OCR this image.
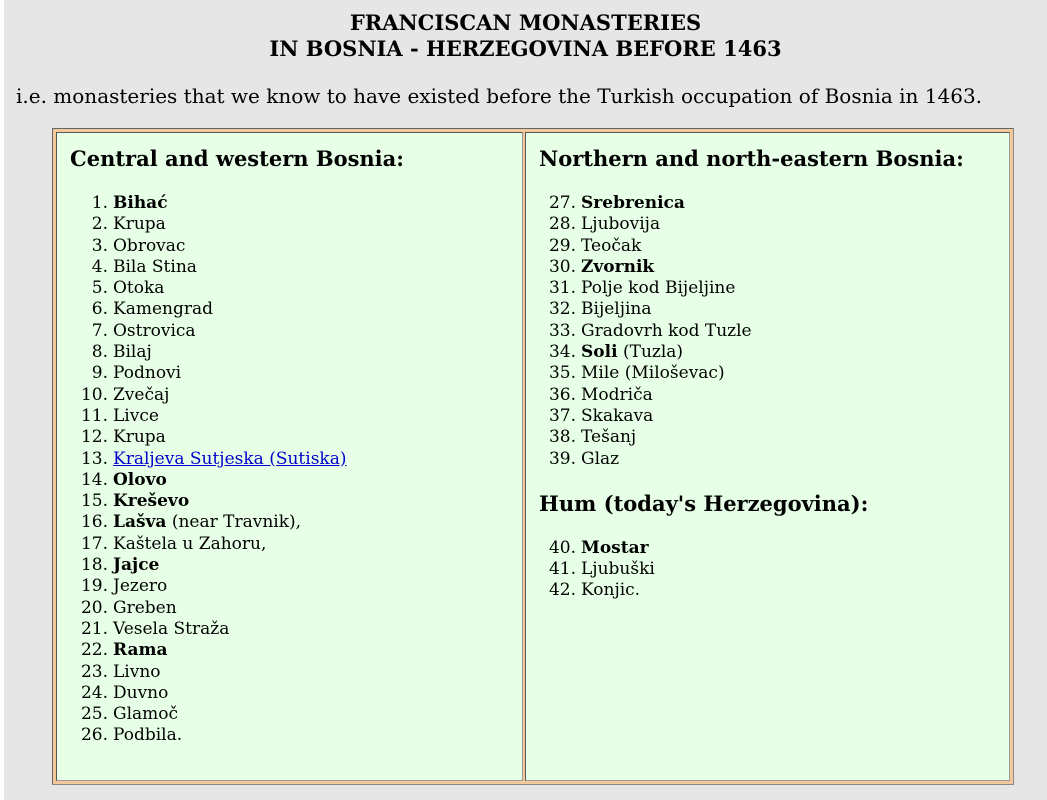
FRANCISCAN MONASTERIES
IN BOSNIA - HERZEGOVINA BEFORE 1463

i.e. monasteries that we know to have existed before the Turkish occupation of Bosnia in 1463.

Central and western Bosnia:
1. Bihać
2. Krupa
3. Obrovac
4. Bila Stina
5. Otoka
6. Kamengrad
7. Ostrovica
8. Bilaj
9. Podnovi
10. Zvečaj
11. Livce
12. Krupa
13. Kraljeva Sutjeska (Sutiska)
14. Olovo
15. Kreševo
16. Lašva (near Travnik),
17. Kaštela u Zahoru,
18. Jajce
19. Jezero
20. Greben
21. Vesela Straža
22. Rama
23. Livno
24. Duvno
25. Glamoč
26. Podbila.
Northern and north-eastern Bosnia:
27. Srebrenica
28. Ljubovija
29. Teočak
30. Zvornik
31. Polje kod Bijeljine
32. Bijeljina
33. Gradovrh kod Tuzle
34. Soli (Tuzla)
35. Mile (Miloševac)
36. Modriča
37. Skakava
38. Tešanj
39. Glaz
Hum (today's Herzegovina):
40. Mostar
41. Ljubuški
42. Konjic.
